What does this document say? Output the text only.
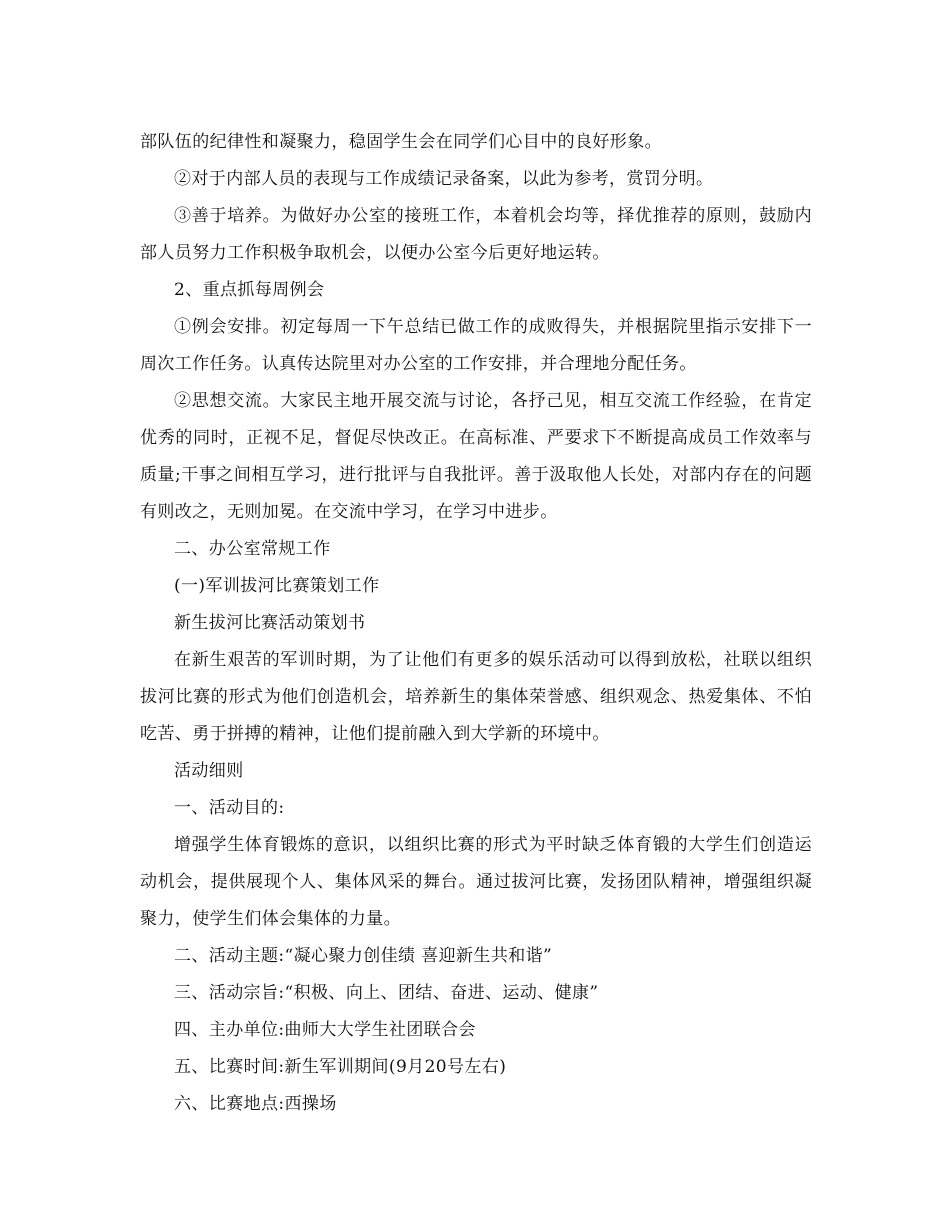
部队伍的纪律性和凝聚力，稳固学生会在同学们心目中的良好形象。

②对于内部人员的表现与工作成绩记录备案，以此为参考，赏罚分明。

③善于培养。为做好办公室的接班工作，本着机会均等，择优推荐的原则，鼓励内部人员努力工作积极争取机会，以便办公室今后更好地运转。

2、重点抓每周例会

①例会安排。初定每周一下午总结已做工作的成败得失，并根据院里指示安排下一周次工作任务。认真传达院里对办公室的工作安排，并合理地分配任务。

②思想交流。大家民主地开展交流与讨论，各抒己见，相互交流工作经验，在肯定优秀的同时，正视不足，督促尽快改正。在高标准、严要求下不断提高成员工作效率与质量;干事之间相互学习，进行批评与自我批评。善于汲取他人长处，对部内存在的问题有则改之，无则加冕。在交流中学习，在学习中进步。

二、办公室常规工作

(一)军训拔河比赛策划工作

新生拔河比赛活动策划书

在新生艰苦的军训时期，为了让他们有更多的娱乐活动可以得到放松，社联以组织拔河比赛的形式为他们创造机会，培养新生的集体荣誉感、组织观念、热爱集体、不怕吃苦、勇于拼搏的精神，让他们提前融入到大学新的环境中。

活动细则

一、活动目的:

增强学生体育锻炼的意识，以组织比赛的形式为平时缺乏体育锻的大学生们创造运动机会，提供展现个人、集体风采的舞台。通过拔河比赛，发扬团队精神，增强组织凝聚力，使学生们体会集体的力量。

二、活动主题:“凝心聚力创佳绩 喜迎新生共和谐”

三、活动宗旨:“积极、向上、团结、奋进、运动、健康”

四、主办单位:曲师大大学生社团联合会

五、比赛时间:新生军训期间(9月20号左右)

六、比赛地点:西操场
